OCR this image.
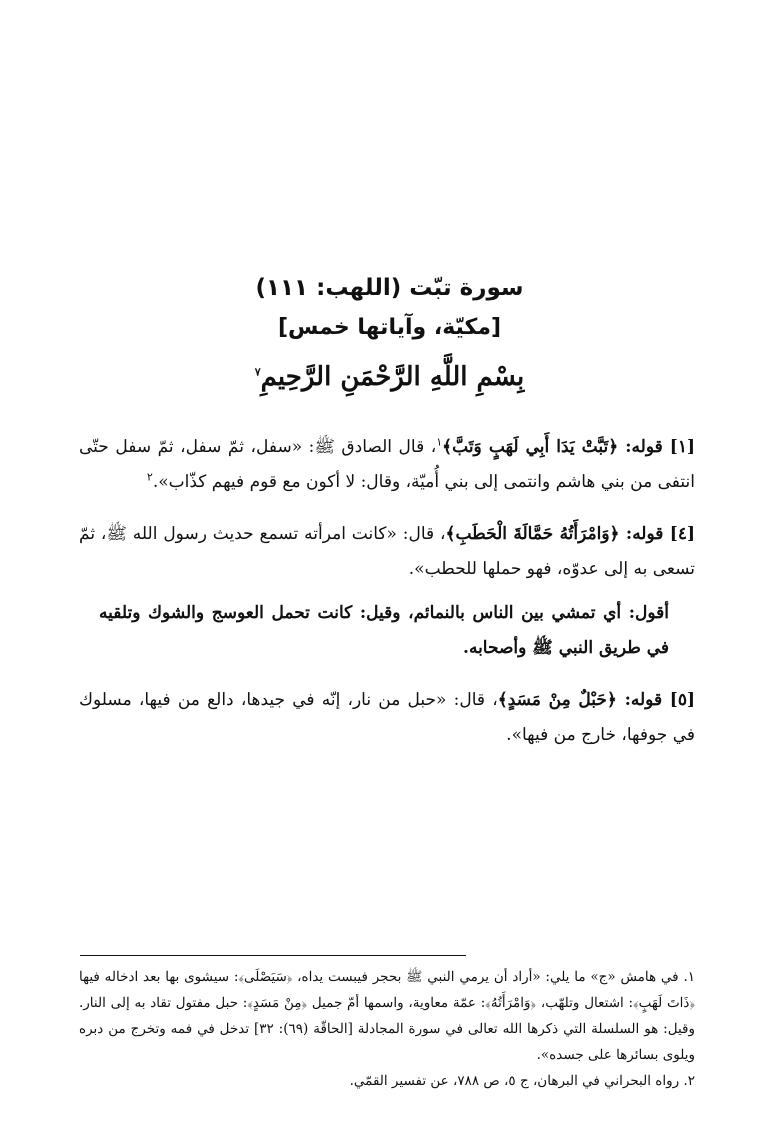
سورة تبّت (اللهب: ١١١)

[مكيّة، وآياتها خمس]

بِسْمِ اللَّهِ الرَّحْمَنِ الرَّحِيمِ$^٧$

[١] قوله: ﴿تَبَّتْ يَدَا أَبِي لَهَبٍ وَتَبَّ﴾$^١$، قال الصادق ﷺ: «سفل، ثمّ سفل، ثمّ سفل حتّى انتفى من بني هاشم وانتمى إلى بني أُميّة، وقال: لا أكون مع قوم فيهم كذّاب».$^٢$

[٤] قوله: ﴿وَامْرَأَتُهُ حَمَّالَةَ الْحَطَبِ﴾، قال: «كانت امرأته تسمع حديث رسول الله ﷺ، ثمّ تسعى به إلى عدوّه، فهو حملها للحطب».

أقول: أي تمشي بين الناس بالنمائم، وقيل: كانت تحمل العوسج والشوك وتلقيه في طريق النبي ﷺ وأصحابه.

[٥] قوله: ﴿حَبْلٌ مِنْ مَسَدٍ﴾، قال: «حبل من نار، إنّه في جيدها، دالع من فيها، مسلوك في جوفها، خارج من فيها».

١. في هامش «ج» ما يلي: «أراد أن يرمي النبي ﷺ بحجر فيبست يداه، ﴿سَيَصْلَى﴾: سيشوى بها بعد ادخاله فيها ﴿ذَاتَ لَهَبٍ﴾: اشتعال وتلهّب، ﴿وَامْرَأَتُهُ﴾: عمّة معاوية، واسمها أمّ جميل ﴿مِنْ مَسَدٍ﴾: حبل مفتول تقاد به إلى النار. وقيل: هو السلسلة التي ذكرها الله تعالى في سورة المجادلة [الحاقّة (٦٩): ٣٢] تدخل في فمه وتخرج من دبره ويلوى بسائرها على جسده».

٢. رواه البحراني في البرهان، ج ٥، ص ٧٨٨، عن تفسير القمّي.
